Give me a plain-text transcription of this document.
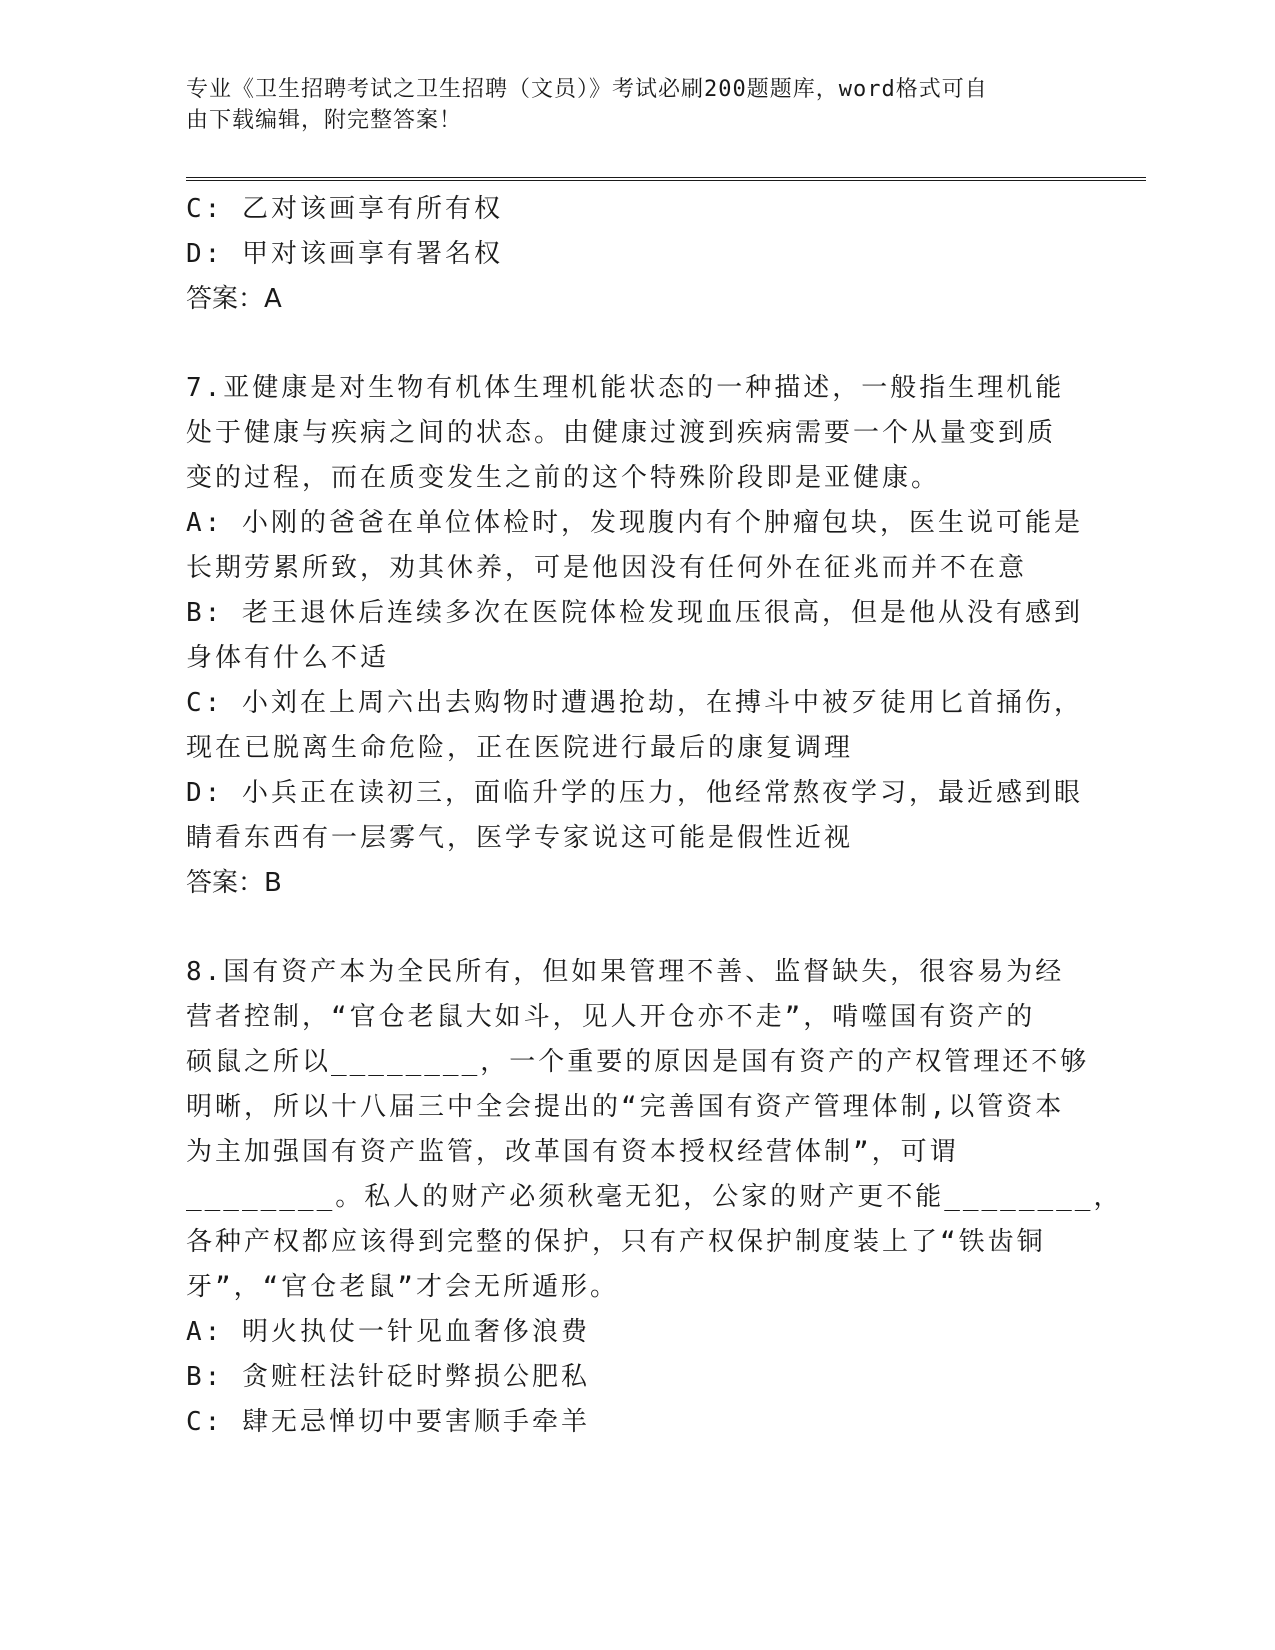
专业《卫生招聘考试之卫生招聘（文员）》考试必刷200题题库，word格式可自
由下载编辑，附完整答案！
C: 乙对该画享有所有权
D: 甲对该画享有署名权
答案：A
7.亚健康是对生物有机体生理机能状态的一种描述，一般指生理机能
处于健康与疾病之间的状态。由健康过渡到疾病需要一个从量变到质
变的过程，而在质变发生之前的这个特殊阶段即是亚健康。
A: 小刚的爸爸在单位体检时，发现腹内有个肿瘤包块，医生说可能是
长期劳累所致，劝其休养，可是他因没有任何外在征兆而并不在意
B: 老王退休后连续多次在医院体检发现血压很高，但是他从没有感到
身体有什么不适
C: 小刘在上周六出去购物时遭遇抢劫，在搏斗中被歹徒用匕首捅伤，
现在已脱离生命危险，正在医院进行最后的康复调理
D: 小兵正在读初三，面临升学的压力，他经常熬夜学习，最近感到眼
睛看东西有一层雾气，医学专家说这可能是假性近视
答案：B
8.国有资产本为全民所有，但如果管理不善、监督缺失，很容易为经
营者控制，“官仓老鼠大如斗，见人开仓亦不走”，啃噬国有资产的
硕鼠之所以________，一个重要的原因是国有资产的产权管理还不够
明晰，所以十八届三中全会提出的“完善国有资产管理体制,以管资本
为主加强国有资产监管，改革国有资本授权经营体制”，可谓
________。私人的财产必须秋毫无犯，公家的财产更不能________，
各种产权都应该得到完整的保护，只有产权保护制度装上了“铁齿铜
牙”，“官仓老鼠”才会无所遁形。
A: 明火执仗一针见血奢侈浪费
B: 贪赃枉法针砭时弊损公肥私
C: 肆无忌惮切中要害顺手牵羊
